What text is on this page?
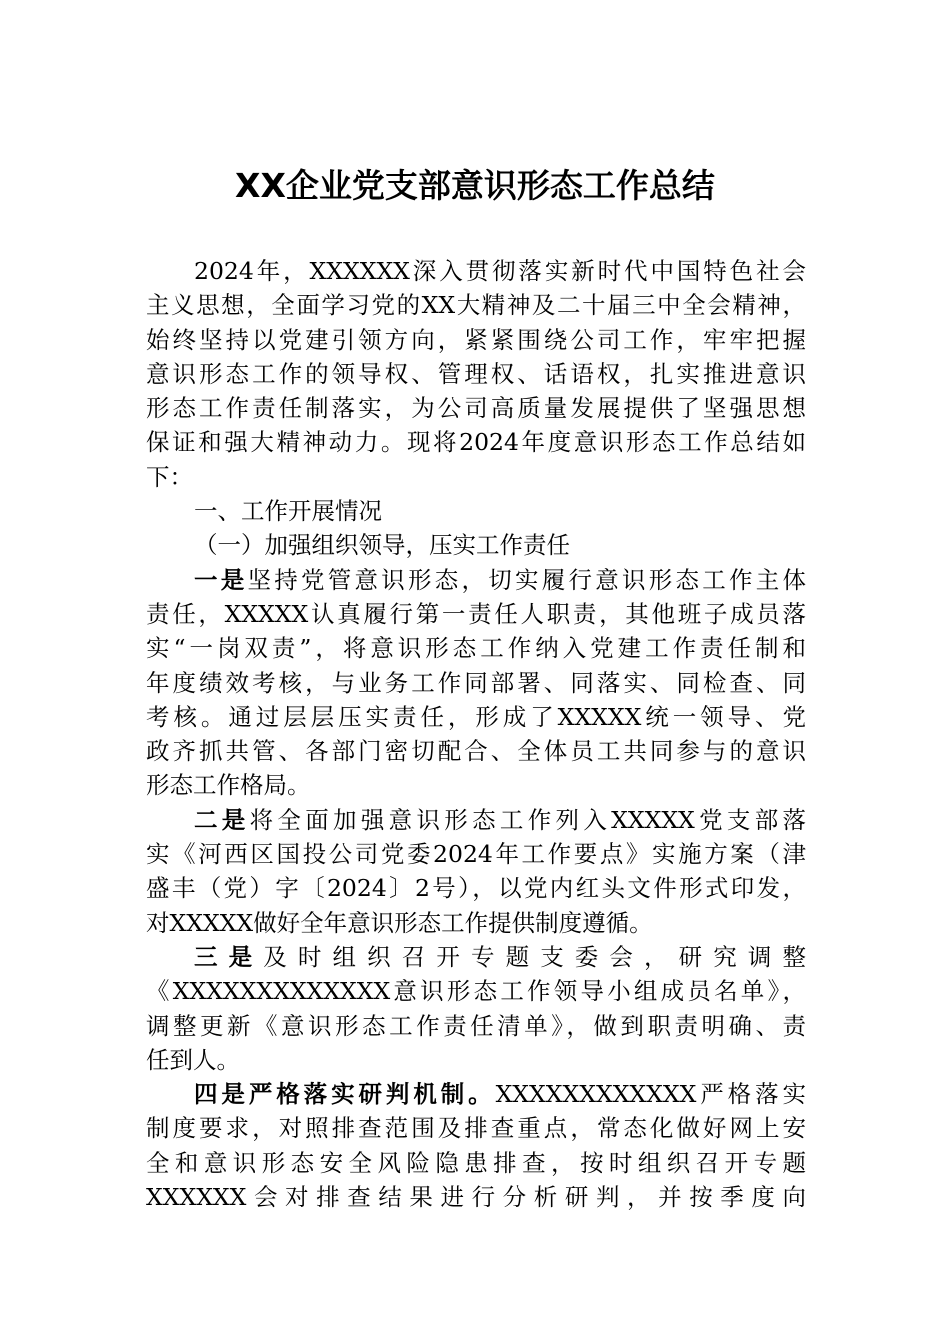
XX企业党支部意识形态工作总结
2024年，XXXXXX深入贯彻落实新时代中国特色社会
主义思想，全面学习党的XX大精神及二十届三中全会精神，
始终坚持以党建引领方向，紧紧围绕公司工作，牢牢把握
意识形态工作的领导权、管理权、话语权，扎实推进意识
形态工作责任制落实，为公司高质量发展提供了坚强思想
保证和强大精神动力。现将2024年度意识形态工作总结如
下：
一、工作开展情况
（一）加强组织领导，压实工作责任
一是坚持党管意识形态，切实履行意识形态工作主体
责任，XXXXX认真履行第一责任人职责，其他班子成员落
实“一岗双责”，将意识形态工作纳入党建工作责任制和
年度绩效考核，与业务工作同部署、同落实、同检查、同
考核。通过层层压实责任，形成了XXXXX统一领导、党
政齐抓共管、各部门密切配合、全体员工共同参与的意识
形态工作格局。
二是将全面加强意识形态工作列入XXXXX党支部落
实《河西区国投公司党委2024年工作要点》实施方案（津
盛丰（党）字〔2024〕2号），以党内红头文件形式印发，
对XXXXX做好全年意识形态工作提供制度遵循。
三是及时组织召开专题支委会，研究调整
《XXXXXXXXXXXXX意识形态工作领导小组成员名单》，
调整更新《意识形态工作责任清单》，做到职责明确、责
任到人。
四是严格落实研判机制。XXXXXXXXXXXX严格落实
制度要求，对照排查范围及排查重点，常态化做好网上安
全和意识形态安全风险隐患排查，按时组织召开专题
XXXXXX会对排查结果进行分析研判，并按季度向
